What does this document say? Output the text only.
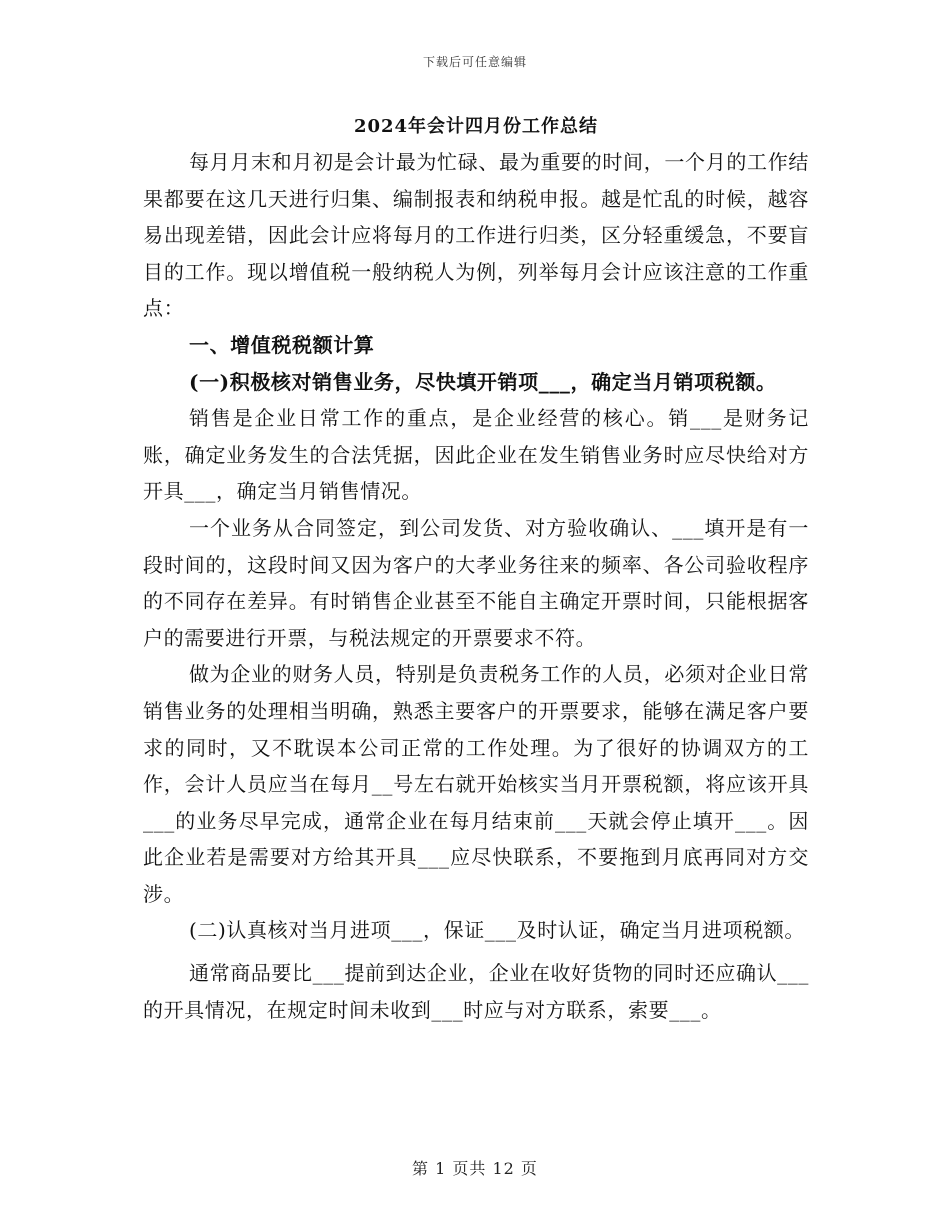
下载后可任意编辑
2024年会计四月份工作总结

每月月末和月初是会计最为忙碌、最为重要的时间，一个月的工作结果都要在这几天进行归集、编制报表和纳税申报。越是忙乱的时候，越容易出现差错，因此会计应将每月的工作进行归类，区分轻重缓急，不要盲目的工作。现以增值税一般纳税人为例，列举每月会计应该注意的工作重点：

一、增值税税额计算

(一)积极核对销售业务，尽快填开销项___，确定当月销项税额。

销售是企业日常工作的重点，是企业经营的核心。销___是财务记账，确定业务发生的合法凭据，因此企业在发生销售业务时应尽快给对方开具___，确定当月销售情况。

一个业务从合同签定，到公司发货、对方验收确认、___填开是有一段时间的，这段时间又因为客户的大孝业务往来的频率、各公司验收程序的不同存在差异。有时销售企业甚至不能自主确定开票时间，只能根据客户的需要进行开票，与税法规定的开票要求不符。

做为企业的财务人员，特别是负责税务工作的人员，必须对企业日常销售业务的处理相当明确，熟悉主要客户的开票要求，能够在满足客户要求的同时，又不耽误本公司正常的工作处理。为了很好的协调双方的工作，会计人员应当在每月__号左右就开始核实当月开票税额，将应该开具___的业务尽早完成，通常企业在每月结束前___天就会停止填开___。因此企业若是需要对方给其开具___应尽快联系，不要拖到月底再同对方交涉。

(二)认真核对当月进项___，保证___及时认证，确定当月进项税额。

通常商品要比___提前到达企业，企业在收好货物的同时还应确认___的开具情况，在规定时间未收到___时应与对方联系，索要___。

第 1 页共 12 页
